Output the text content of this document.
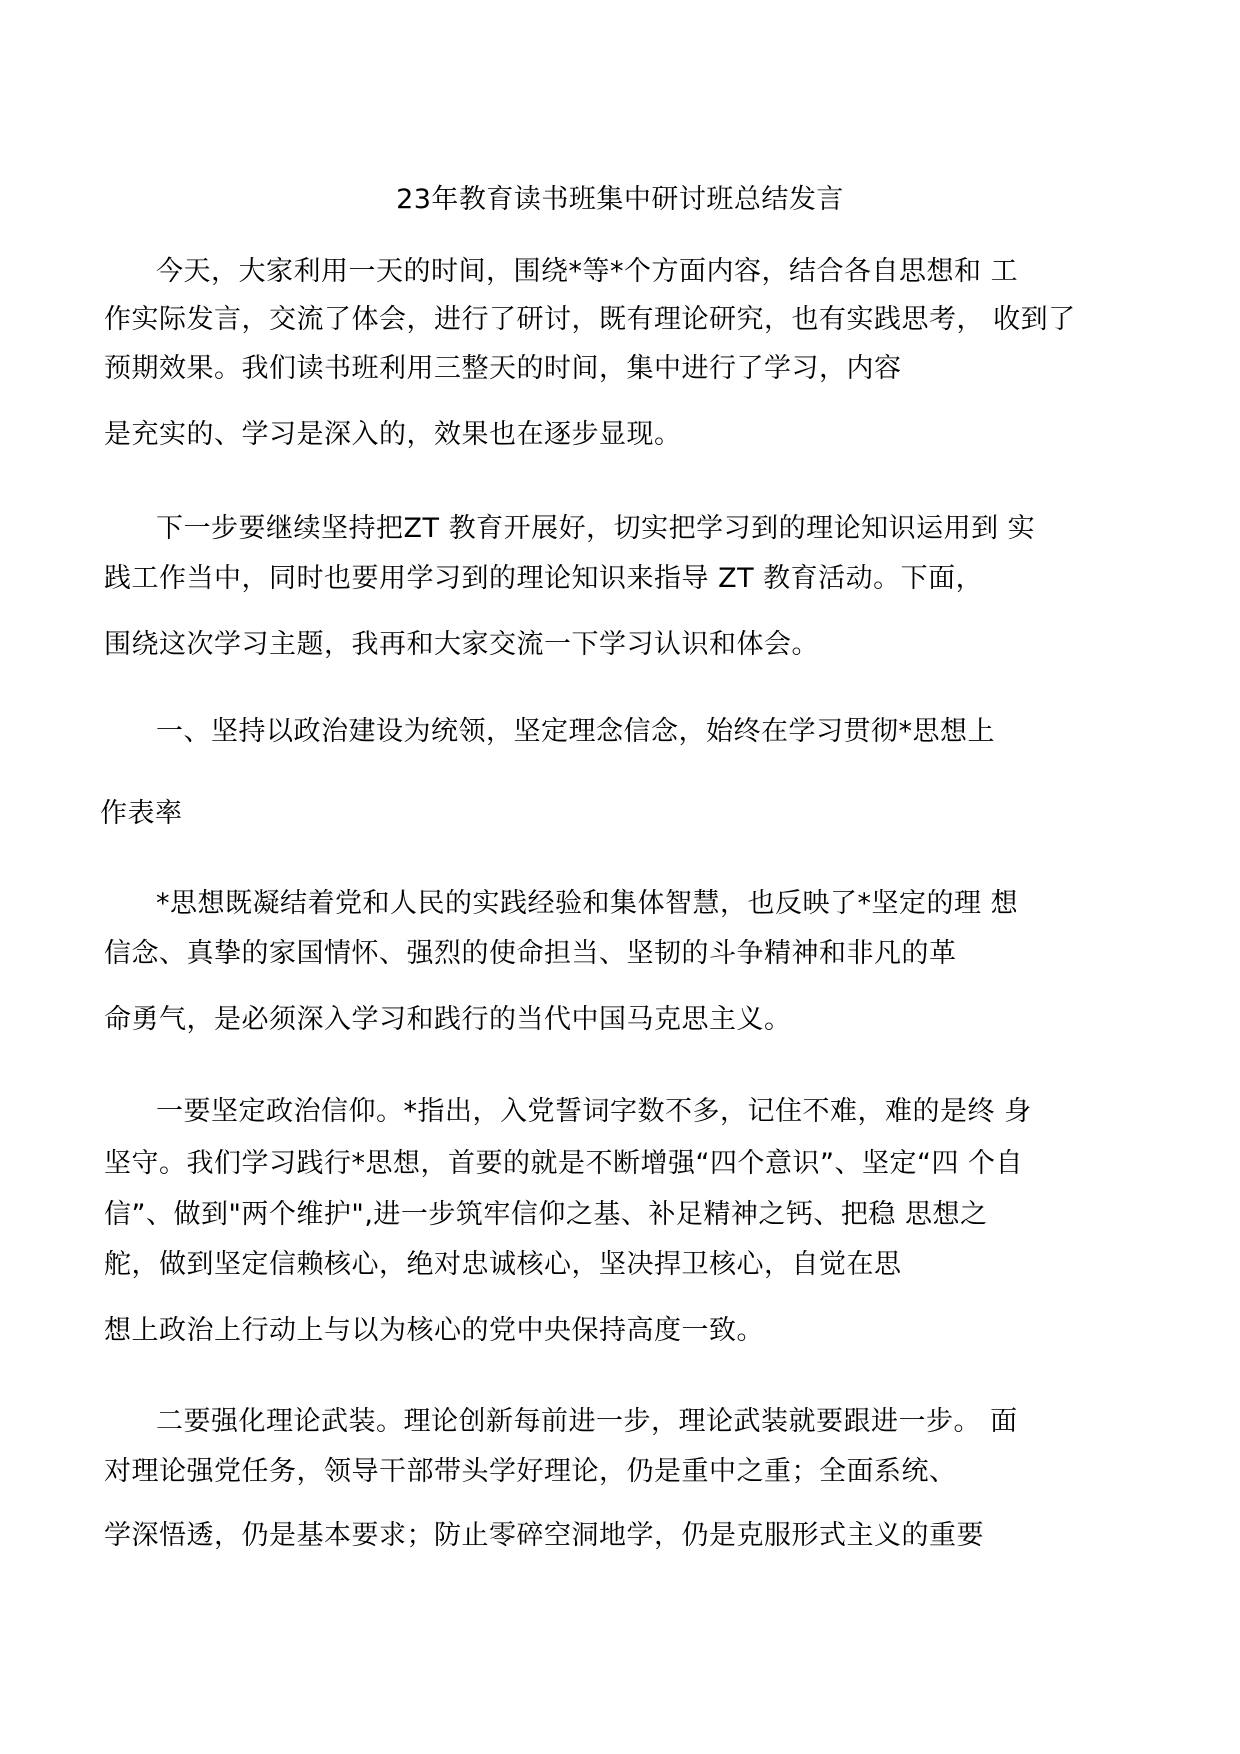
23年教育读书班集中研讨班总结发言
今天，大家利用一天的时间，围绕*等*个方面内容，结合各自思想和 工
作实际发言，交流了体会，进行了研讨，既有理论研究，也有实践思考， 收到了
预期效果。我们读书班利用三整天的时间，集中进行了学习，内容
是充实的、学习是深入的，效果也在逐步显现。
下一步要继续坚持把ZT 教育开展好，切实把学习到的理论知识运用到 实
践工作当中，同时也要用学习到的理论知识来指导 ZT 教育活动。下面，
围绕这次学习主题，我再和大家交流一下学习认识和体会。
一、坚持以政治建设为统领，坚定理念信念，始终在学习贯彻*思想上
作表率
*思想既凝结着党和人民的实践经验和集体智慧，也反映了*坚定的理 想
信念、真挚的家国情怀、强烈的使命担当、坚韧的斗争精神和非凡的革
命勇气，是必须深入学习和践行的当代中国马克思主义。
一要坚定政治信仰。*指出，入党誓词字数不多，记住不难，难的是终 身
坚守。我们学习践行*思想，首要的就是不断增强“四个意识”、坚定“四 个自
信”、做到"两个维护",进一步筑牢信仰之基、补足精神之钙、把稳 思想之
舵，做到坚定信赖核心，绝对忠诚核心，坚决捍卫核心，自觉在思
想上政治上行动上与以为核心的党中央保持高度一致。
二要强化理论武装。理论创新每前进一步，理论武装就要跟进一步。 面
对理论强党任务，领导干部带头学好理论，仍是重中之重；全面系统、
学深悟透，仍是基本要求；防止零碎空洞地学，仍是克服形式主义的重要
